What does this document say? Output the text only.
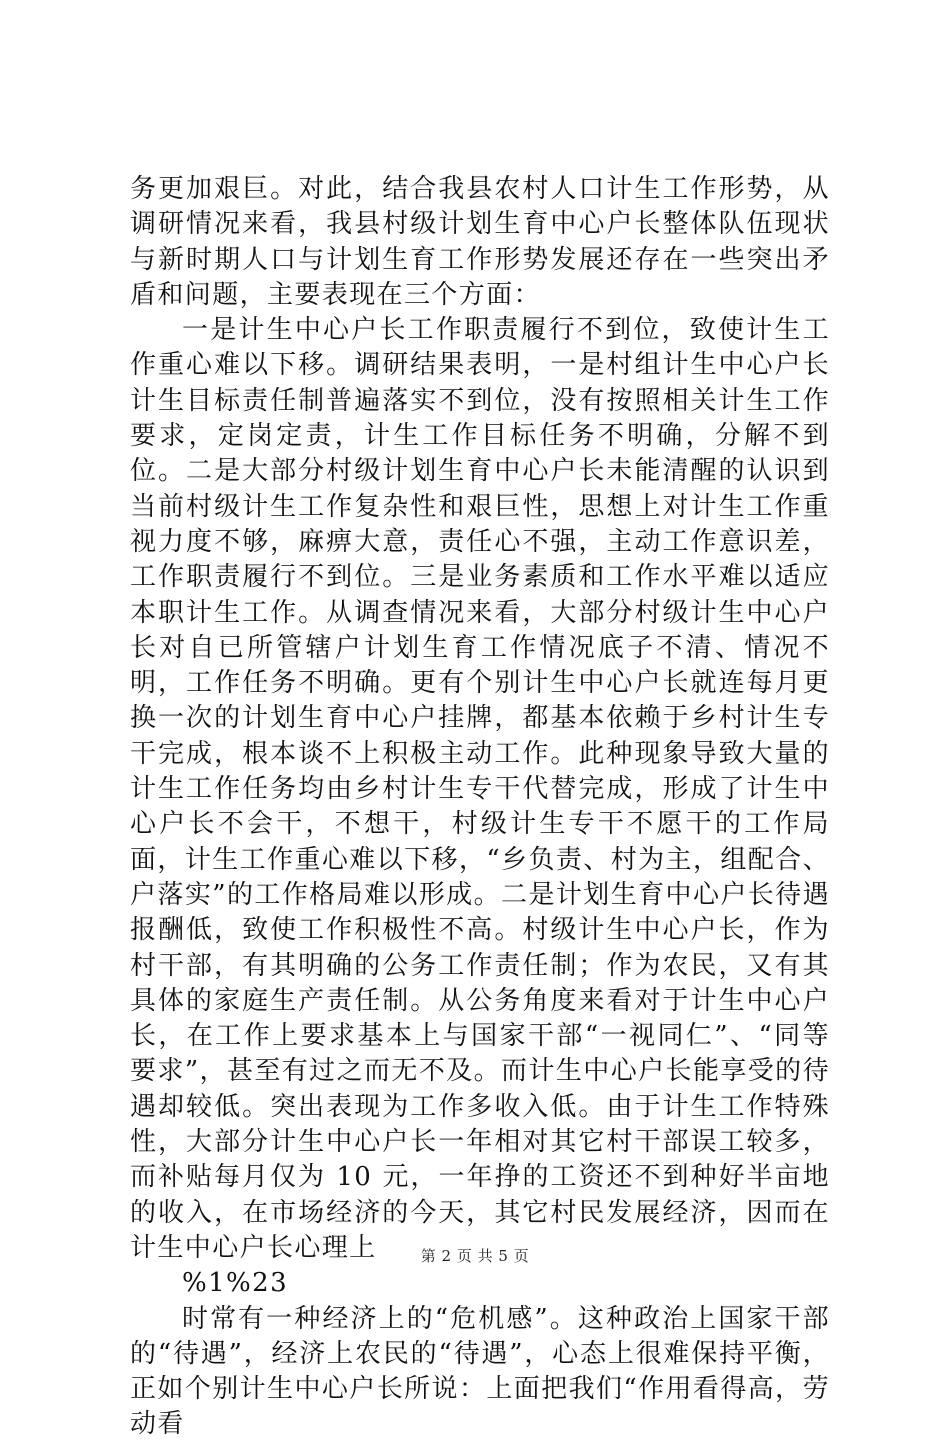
务更加艰巨。对此，结合我县农村人口计生工作形势，从调研情况来看，我县村级计划生育中心户长整体队伍现状与新时期人口与计划生育工作形势发展还存在一些突出矛盾和问题，主要表现在三个方面：

一是计生中心户长工作职责履行不到位，致使计生工作重心难以下移。调研结果表明，一是村组计生中心户长计生目标责任制普遍落实不到位，没有按照相关计生工作要求，定岗定责，计生工作目标任务不明确，分解不到位。二是大部分村级计划生育中心户长未能清醒的认识到当前村级计生工作复杂性和艰巨性，思想上对计生工作重视力度不够，麻痹大意，责任心不强，主动工作意识差，工作职责履行不到位。三是业务素质和工作水平难以适应本职计生工作。从调查情况来看，大部分村级计生中心户长对自已所管辖户计划生育工作情况底子不清、情况不明，工作任务不明确。更有个别计生中心户长就连每月更换一次的计划生育中心户挂牌，都基本依赖于乡村计生专干完成，根本谈不上积极主动工作。此种现象导致大量的计生工作任务均由乡村计生专干代替完成，形成了计生中心户长不会干，不想干，村级计生专干不愿干的工作局面，计生工作重心难以下移，“乡负责、村为主，组配合、户落实”的工作格局难以形成。二是计划生育中心户长待遇报酬低，致使工作积极性不高。村级计生中心户长，作为村干部，有其明确的公务工作责任制；作为农民，又有其具体的家庭生产责任制。从公务角度来看对于计生中心户长，在工作上要求基本上与国家干部“一视同仁”、“同等要求”，甚至有过之而无不及。而计生中心户长能享受的待遇却较低。突出表现为工作多收入低。由于计生工作特殊性，大部分计生中心户长一年相对其它村干部误工较多，而补贴每月仅为 10 元，一年挣的工资还不到种好半亩地的收入，在市场经济的今天，其它村民发展经济，因而在计生中心户长心理上

%1%23

时常有一种经济上的“危机感”。这种政治上国家干部的“待遇”，经济上农民的“待遇”，心态上很难保持平衡，正如个别计生中心户长所说：上面把我们“作用看得高，劳动看

第 2 页 共 5 页
